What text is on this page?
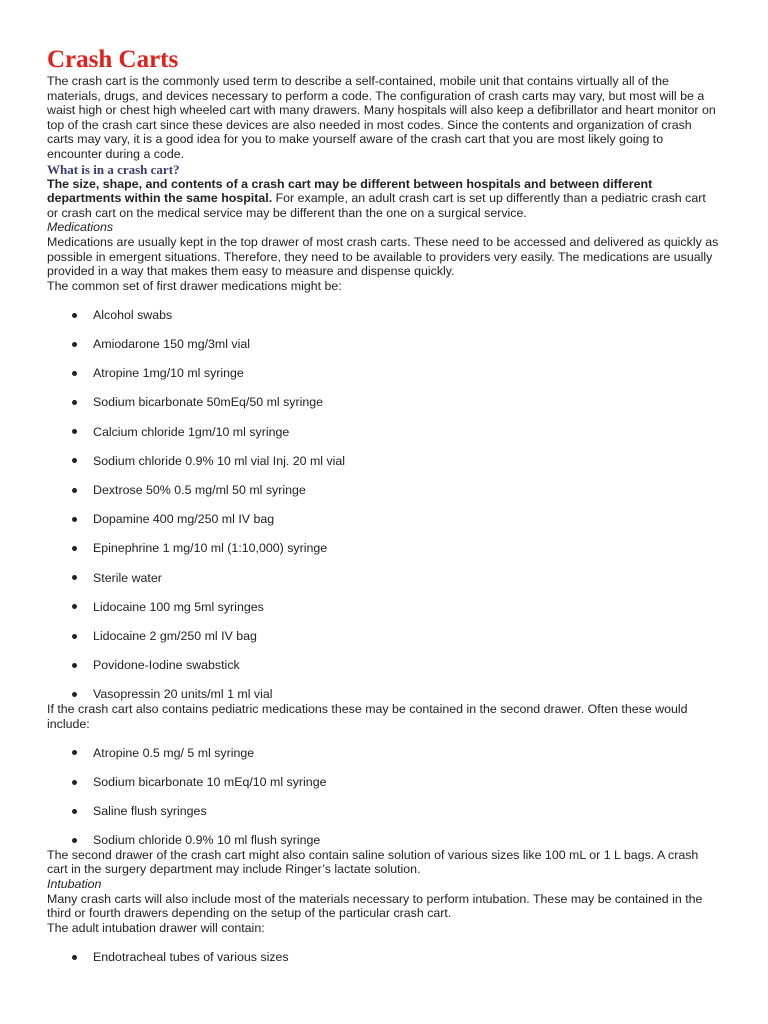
Crash Carts

The crash cart is the commonly used term to describe a self-contained, mobile unit that contains virtually all of the materials, drugs, and devices necessary to perform a code. The configuration of crash carts may vary, but most will be a waist high or chest high wheeled cart with many drawers. Many hospitals will also keep a defibrillator and heart monitor on top of the crash cart since these devices are also needed in most codes. Since the contents and organization of crash carts may vary, it is a good idea for you to make yourself aware of the crash cart that you are most likely going to encounter during a code.

What is in a crash cart?

The size, shape, and contents of a crash cart may be different between hospitals and between different departments within the same hospital. For example, an adult crash cart is set up differently than a pediatric crash cart or crash cart on the medical service may be different than the one on a surgical service.

Medications

Medications are usually kept in the top drawer of most crash carts. These need to be accessed and delivered as quickly as possible in emergent situations. Therefore, they need to be available to providers very easily. The medications are usually provided in a way that makes them easy to measure and dispense quickly.

The common set of first drawer medications might be:

Alcohol swabs
Amiodarone 150 mg/3ml vial
Atropine 1mg/10 ml syringe
Sodium bicarbonate 50mEq/50 ml syringe
Calcium chloride 1gm/10 ml syringe
Sodium chloride 0.9% 10 ml vial Inj. 20 ml vial
Dextrose 50% 0.5 mg/ml 50 ml syringe
Dopamine 400 mg/250 ml IV bag
Epinephrine 1 mg/10 ml (1:10,000) syringe
Sterile water
Lidocaine 100 mg 5ml syringes
Lidocaine 2 gm/250 ml IV bag
Povidone-Iodine swabstick
Vasopressin 20 units/ml 1 ml vial

If the crash cart also contains pediatric medications these may be contained in the second drawer. Often these would include:

Atropine 0.5 mg/ 5 ml syringe
Sodium bicarbonate 10 mEq/10 ml syringe
Saline flush syringes
Sodium chloride 0.9% 10 ml flush syringe

The second drawer of the crash cart might also contain saline solution of various sizes like 100 mL or 1 L bags. A crash cart in the surgery department may include Ringer’s lactate solution.

Intubation

Many crash carts will also include most of the materials necessary to perform intubation. These may be contained in the third or fourth drawers depending on the setup of the particular crash cart.

The adult intubation drawer will contain:

Endotracheal tubes of various sizes
